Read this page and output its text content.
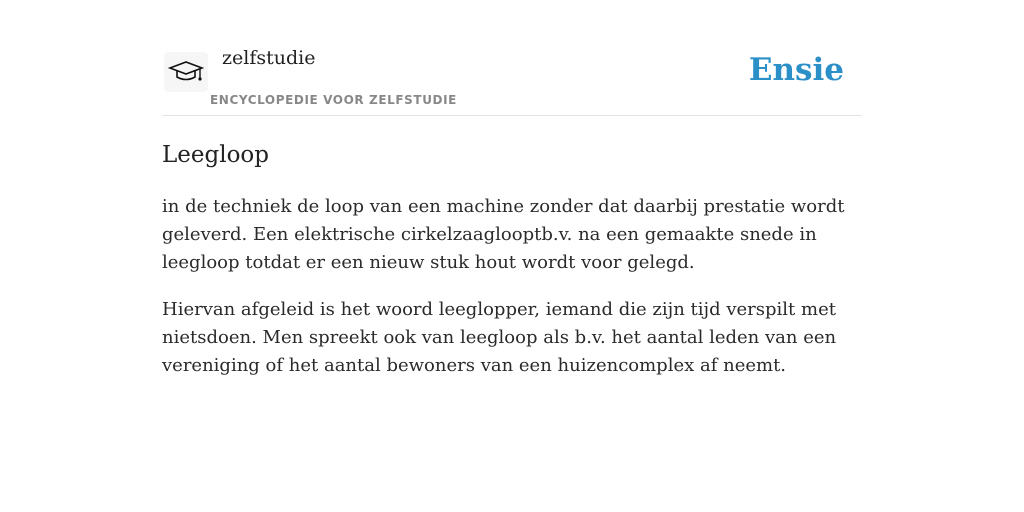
zelfstudie
ENCYCLOPEDIE VOOR ZELFSTUDIE
Ensie
Leegloop

in de techniek de loop van een machine zonder dat daarbij prestatie wordt geleverd. Een elektrische cirkelzaaglooptb.v. na een gemaakte snede in leegloop totdat er een nieuw stuk hout wordt voor gelegd.

Hiervan afgeleid is het woord leeglopper, iemand die zijn tijd verspilt met nietsdoen. Men spreekt ook van leegloop als b.v. het aantal leden van een vereniging of het aantal bewoners van een huizencomplex af neemt.
